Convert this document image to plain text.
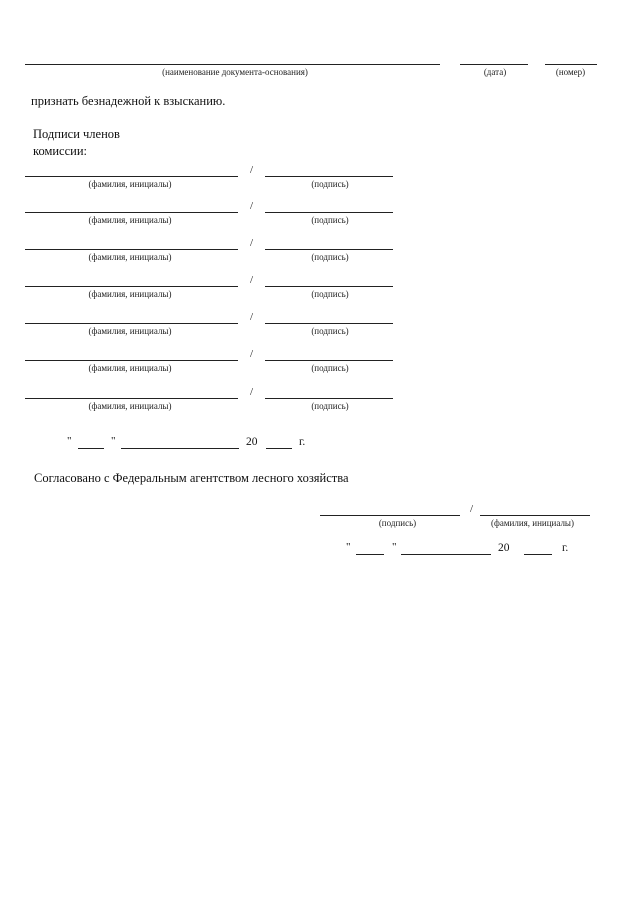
(наименование документа-основания)	(дата)	(номер)
признать безнадежной к взысканию.
Подписи членов
комиссии:
/
(фамилия, инициалы)	(подпись)
/
(фамилия, инициалы)	(подпись)
/
(фамилия, инициалы)	(подпись)
/
(фамилия, инициалы)	(подпись)
/
(фамилия, инициалы)	(подпись)
/
(фамилия, инициалы)	(подпись)
/
(фамилия, инициалы)	(подпись)
"	"	20	г.
Согласовано с Федеральным агентством лесного хозяйства
/
(подпись)	(фамилия, инициалы)
"	"	20	г.
